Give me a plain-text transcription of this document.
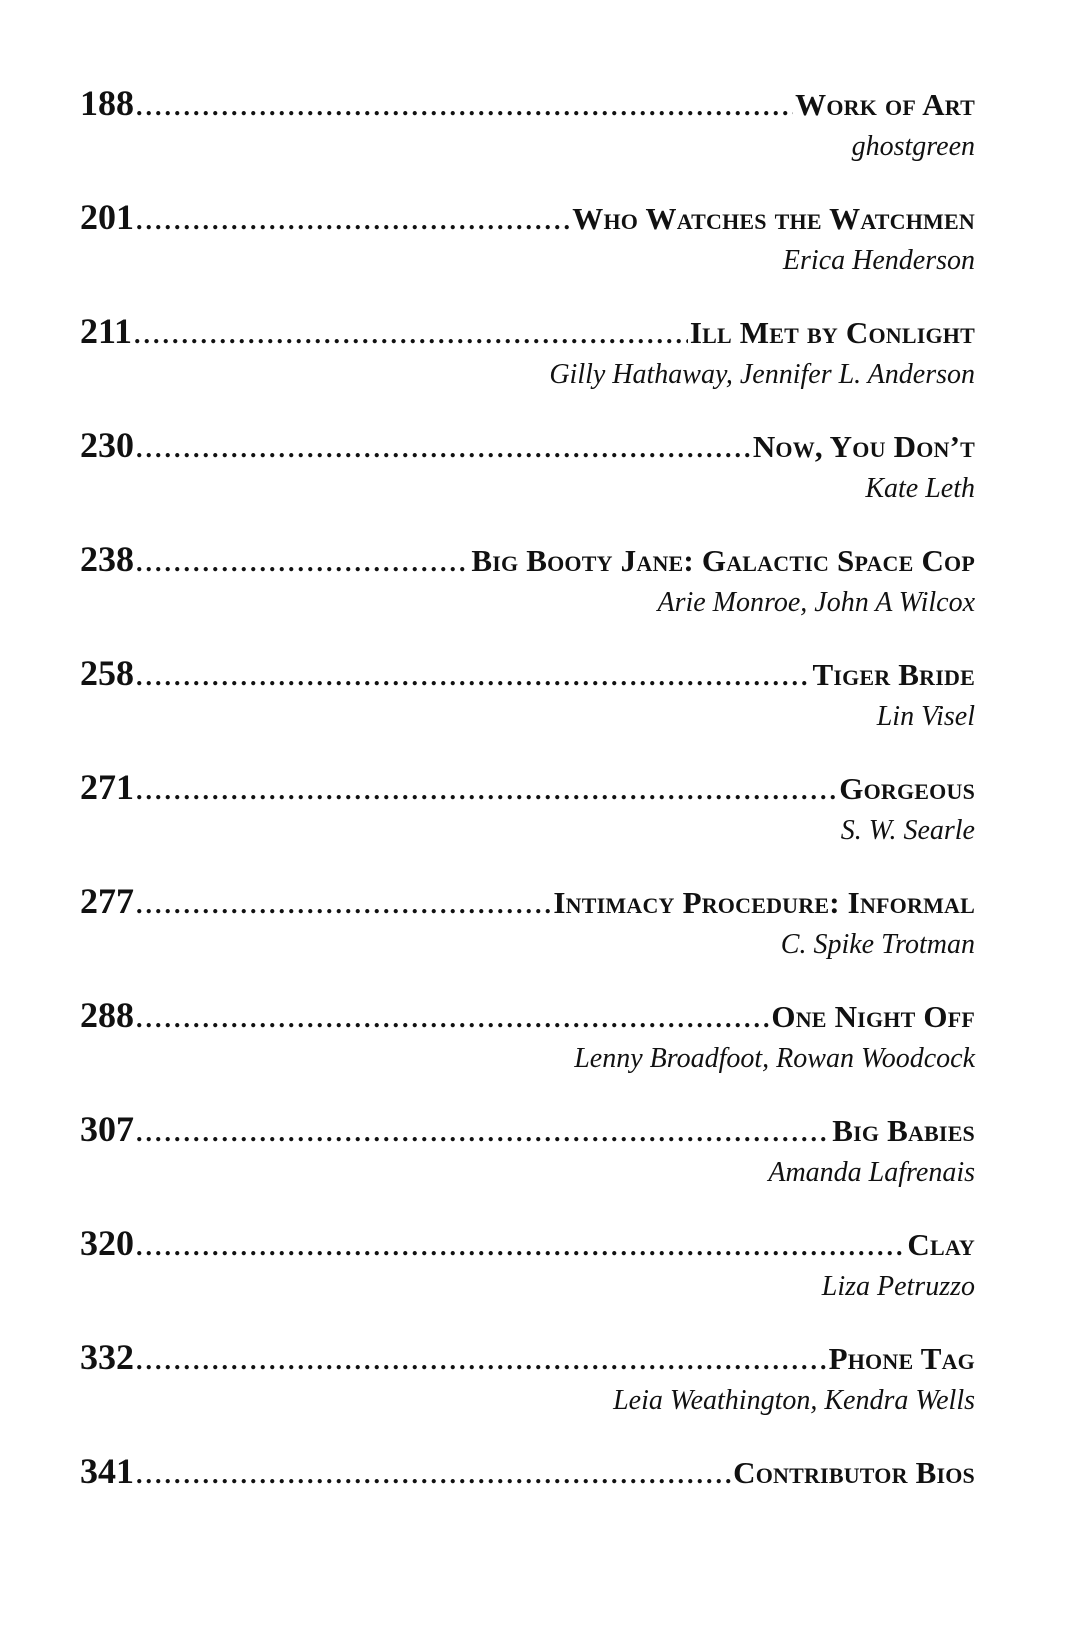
188 .....	Work of Art
ghostgreen
201 .....	Who Watches the Watchmen
Erica Henderson
211 .....	Ill Met by Conlight
Gilly Hathaway, Jennifer L. Anderson
230 .....	Now, You Don’t
Kate Leth
238 .....	Big Booty Jane: Galactic Space Cop
Arie Monroe, John A Wilcox
258 .....	Tiger Bride
Lin Visel
271 .....	Gorgeous
S. W. Searle
277 .....	Intimacy Procedure: Informal
C. Spike Trotman
288 .....	One Night Off
Lenny Broadfoot, Rowan Woodcock
307 .....	Big Babies
Amanda Lafrenais
320 .....	Clay
Liza Petruzzo
332 .....	Phone Tag
Leia Weathington, Kendra Wells
341 .....	Contributor Bios
